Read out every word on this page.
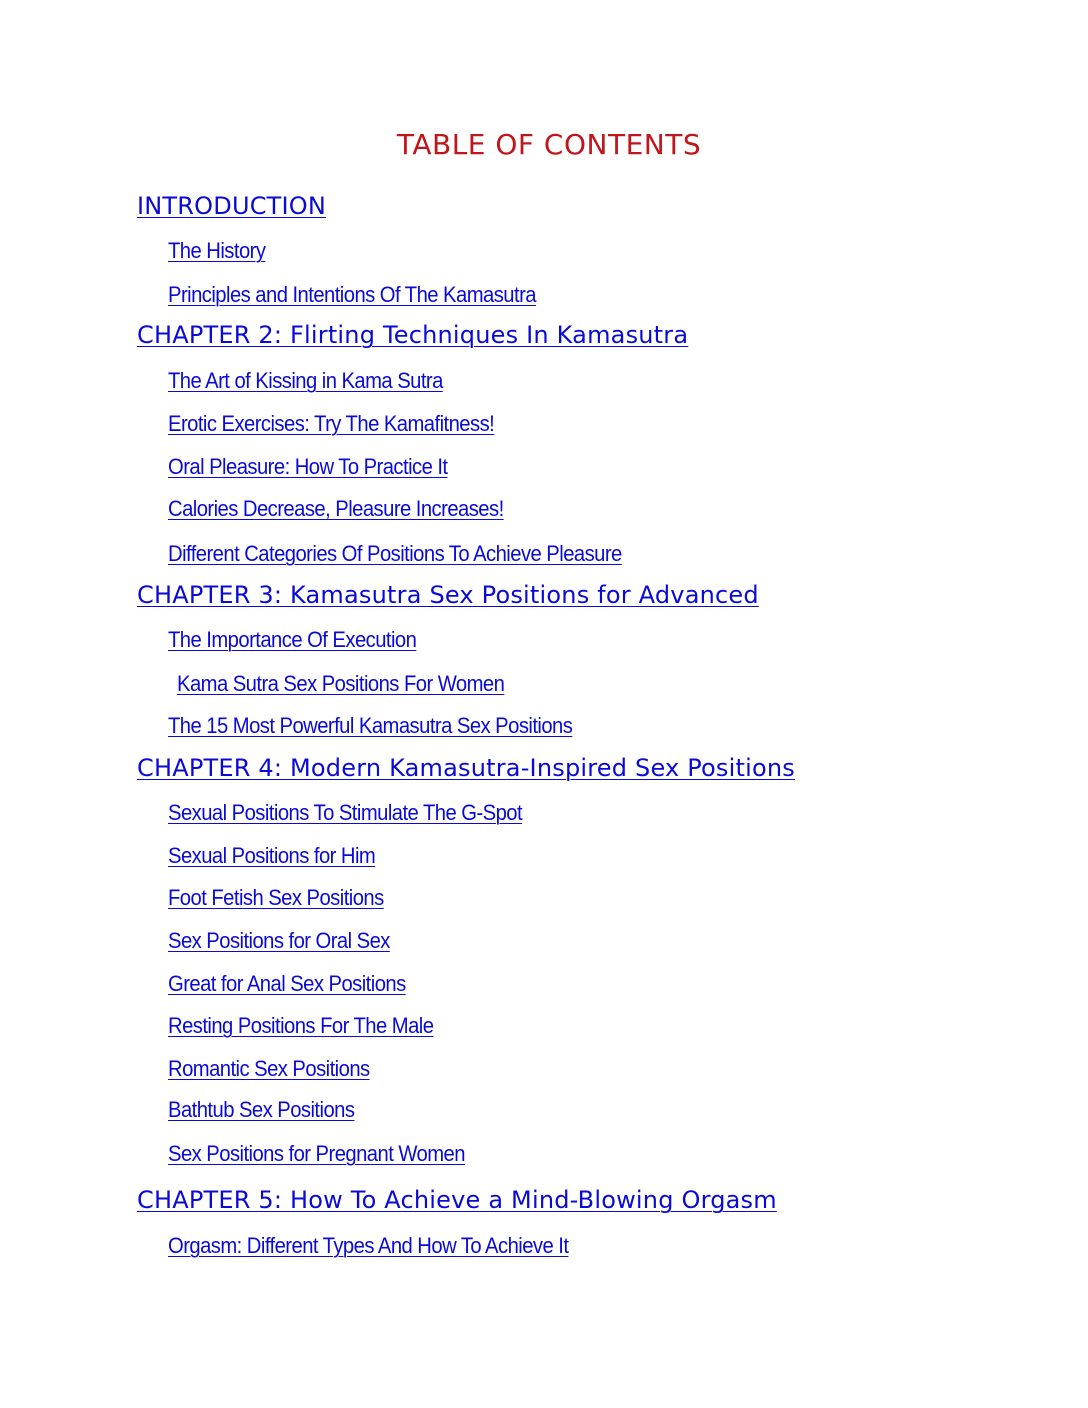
TABLE OF CONTENTS
INTRODUCTION
The History
Principles and Intentions Of The Kamasutra
CHAPTER 2: Flirting Techniques In Kamasutra
The Art of Kissing in Kama Sutra
Erotic Exercises: Try The Kamafitness!
Oral Pleasure: How To Practice It
Calories Decrease, Pleasure Increases!
Different Categories Of Positions To Achieve Pleasure
CHAPTER 3: Kamasutra Sex Positions for Advanced
The Importance Of Execution
Kama Sutra Sex Positions For Women
The 15 Most Powerful Kamasutra Sex Positions
CHAPTER 4: Modern Kamasutra-Inspired Sex Positions
Sexual Positions To Stimulate The G-Spot
Sexual Positions for Him
Foot Fetish Sex Positions
Sex Positions for Oral Sex
Great for Anal Sex Positions
Resting Positions For The Male
Romantic Sex Positions
Bathtub Sex Positions
Sex Positions for Pregnant Women
CHAPTER 5: How To Achieve a Mind-Blowing Orgasm
Orgasm: Different Types And How To Achieve It
